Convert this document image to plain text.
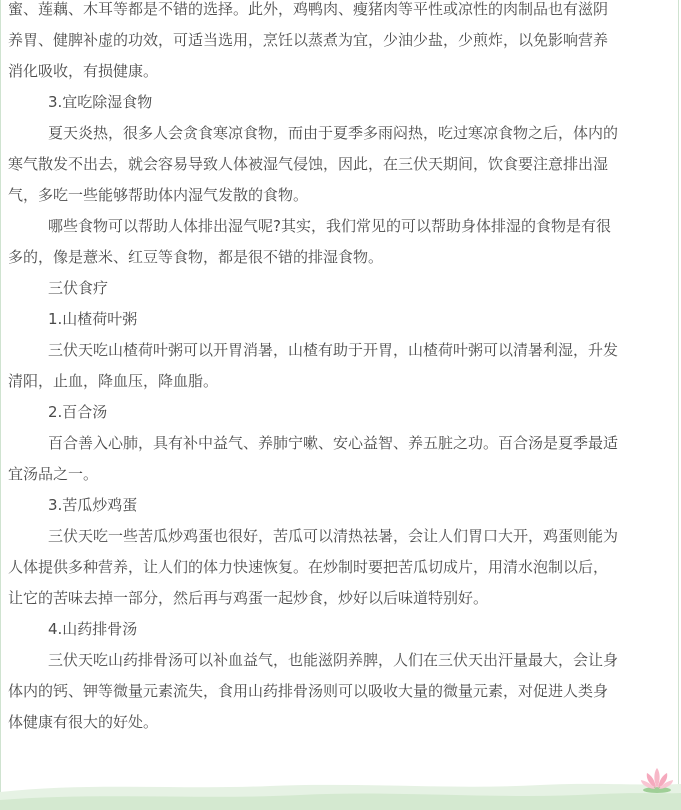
蜜、莲藕、木耳等都是不错的选择。此外，鸡鸭肉、瘦猪肉等平性或凉性的肉制品也有滋阴
养胃、健脾补虚的功效，可适当选用，烹饪以蒸煮为宜，少油少盐，少煎炸，以免影响营养
消化吸收，有损健康。
3.宜吃除湿食物
夏天炎热，很多人会贪食寒凉食物，而由于夏季多雨闷热，吃过寒凉食物之后，体内的
寒气散发不出去，就会容易导致人体被湿气侵蚀，因此，在三伏天期间，饮食要注意排出湿
气，多吃一些能够帮助体内湿气发散的食物。
哪些食物可以帮助人体排出湿气呢?其实，我们常见的可以帮助身体排湿的食物是有很
多的，像是薏米、红豆等食物，都是很不错的排湿食物。
三伏食疗
1.山楂荷叶粥
三伏天吃山楂荷叶粥可以开胃消暑，山楂有助于开胃，山楂荷叶粥可以清暑利湿，升发
清阳，止血，降血压，降血脂。
2.百合汤
百合善入心肺，具有补中益气、养肺宁嗽、安心益智、养五脏之功。百合汤是夏季最适
宜汤品之一。
3.苦瓜炒鸡蛋
三伏天吃一些苦瓜炒鸡蛋也很好，苦瓜可以清热祛暑，会让人们胃口大开，鸡蛋则能为
人体提供多种营养，让人们的体力快速恢复。在炒制时要把苦瓜切成片，用清水泡制以后，
让它的苦味去掉一部分，然后再与鸡蛋一起炒食，炒好以后味道特别好。
4.山药排骨汤
三伏天吃山药排骨汤可以补血益气，也能滋阴养脾，人们在三伏天出汗量最大，会让身
体内的钙、钾等微量元素流失，食用山药排骨汤则可以吸收大量的微量元素，对促进人类身
体健康有很大的好处。
